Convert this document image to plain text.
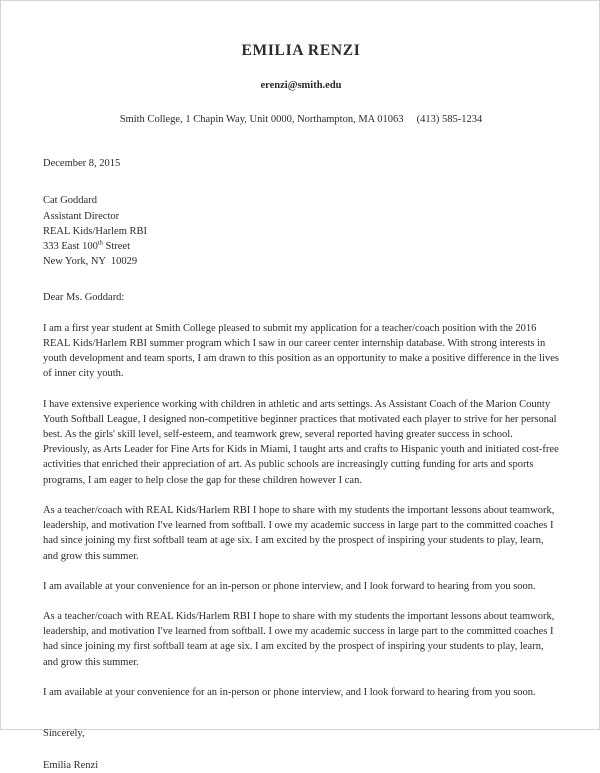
EMILIA RENZI
erenzi@smith.edu
Smith College, 1 Chapin Way, Unit 0000, Northampton, MA 01063     (413) 585-1234
December 8, 2015
Cat Goddard
Assistant Director
REAL Kids/Harlem RBI
333 East 100th Street
New York, NY  10029
Dear Ms. Goddard:
I am a first year student at Smith College pleased to submit my application for a teacher/coach position with the 2016 REAL Kids/Harlem RBI summer program which I saw in our career center internship database. With strong interests in youth development and team sports, I am drawn to this position as an opportunity to make a positive difference in the lives of inner city youth.
I have extensive experience working with children in athletic and arts settings. As Assistant Coach of the Marion County Youth Softball League, I designed non-competitive beginner practices that motivated each player to strive for her personal best. As the girls' skill level, self-esteem, and teamwork grew, several reported having greater success in school. Previously, as Arts Leader for Fine Arts for Kids in Miami, I taught arts and crafts to Hispanic youth and initiated cost-free activities that enriched their appreciation of art. As public schools are increasingly cutting funding for arts and sports programs, I am eager to help close the gap for these children however I can.
As a teacher/coach with REAL Kids/Harlem RBI I hope to share with my students the important lessons about teamwork, leadership, and motivation I've learned from softball. I owe my academic success in large part to the committed coaches I had since joining my first softball team at age six. I am excited by the prospect of inspiring your students to play, learn, and grow this summer.
I am available at your convenience for an in-person or phone interview, and I look forward to hearing from you soon.
As a teacher/coach with REAL Kids/Harlem RBI I hope to share with my students the important lessons about teamwork, leadership, and motivation I've learned from softball. I owe my academic success in large part to the committed coaches I had since joining my first softball team at age six. I am excited by the prospect of inspiring your students to play, learn, and grow this summer.
I am available at your convenience for an in-person or phone interview, and I look forward to hearing from you soon.
Sincerely,
Emilia Renzi
